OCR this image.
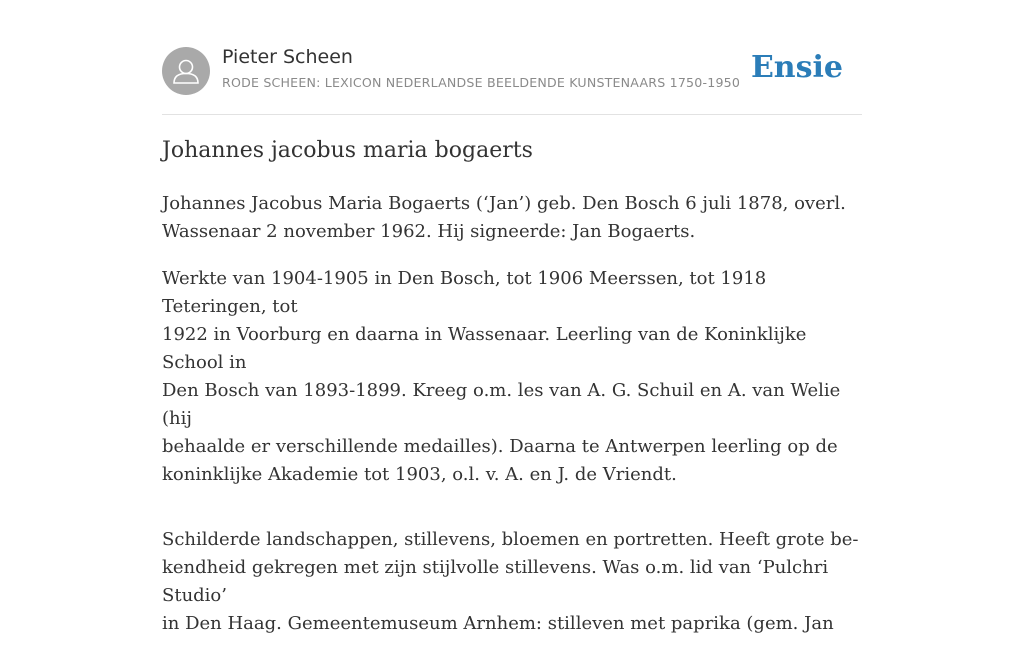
Pieter Scheen
RODE SCHEEN: LEXICON NEDERLANDSE BEELDENDE KUNSTENAARS 1750-1950 Ensie
Johannes jacobus maria bogaerts

Johannes Jacobus Maria Bogaerts (‘Jan’) geb. Den Bosch 6 juli 1878, overl.
Wassenaar 2 november 1962. Hij signeerde: Jan Bogaerts.

Werkte van 1904-1905 in Den Bosch, tot 1906 Meerssen, tot 1918 Teteringen, tot
1922 in Voorburg en daarna in Wassenaar. Leerling van de Koninklijke School in
Den Bosch van 1893-1899. Kreeg o.m. les van A. G. Schuil en A. van Welie (hij
behaalde er verschillende medailles). Daarna te Antwerpen leerling op de
koninklijke Akademie tot 1903, o.l. v. A. en J. de Vriendt.

Schilderde landschappen, stillevens, bloemen en portretten. Heeft grote be-
kendheid gekregen met zijn stijlvolle stillevens. Was o.m. lid van ‘Pulchri Studio’
in Den Haag. Gemeentemuseum Arnhem: stilleven met paprika (gem. Jan
